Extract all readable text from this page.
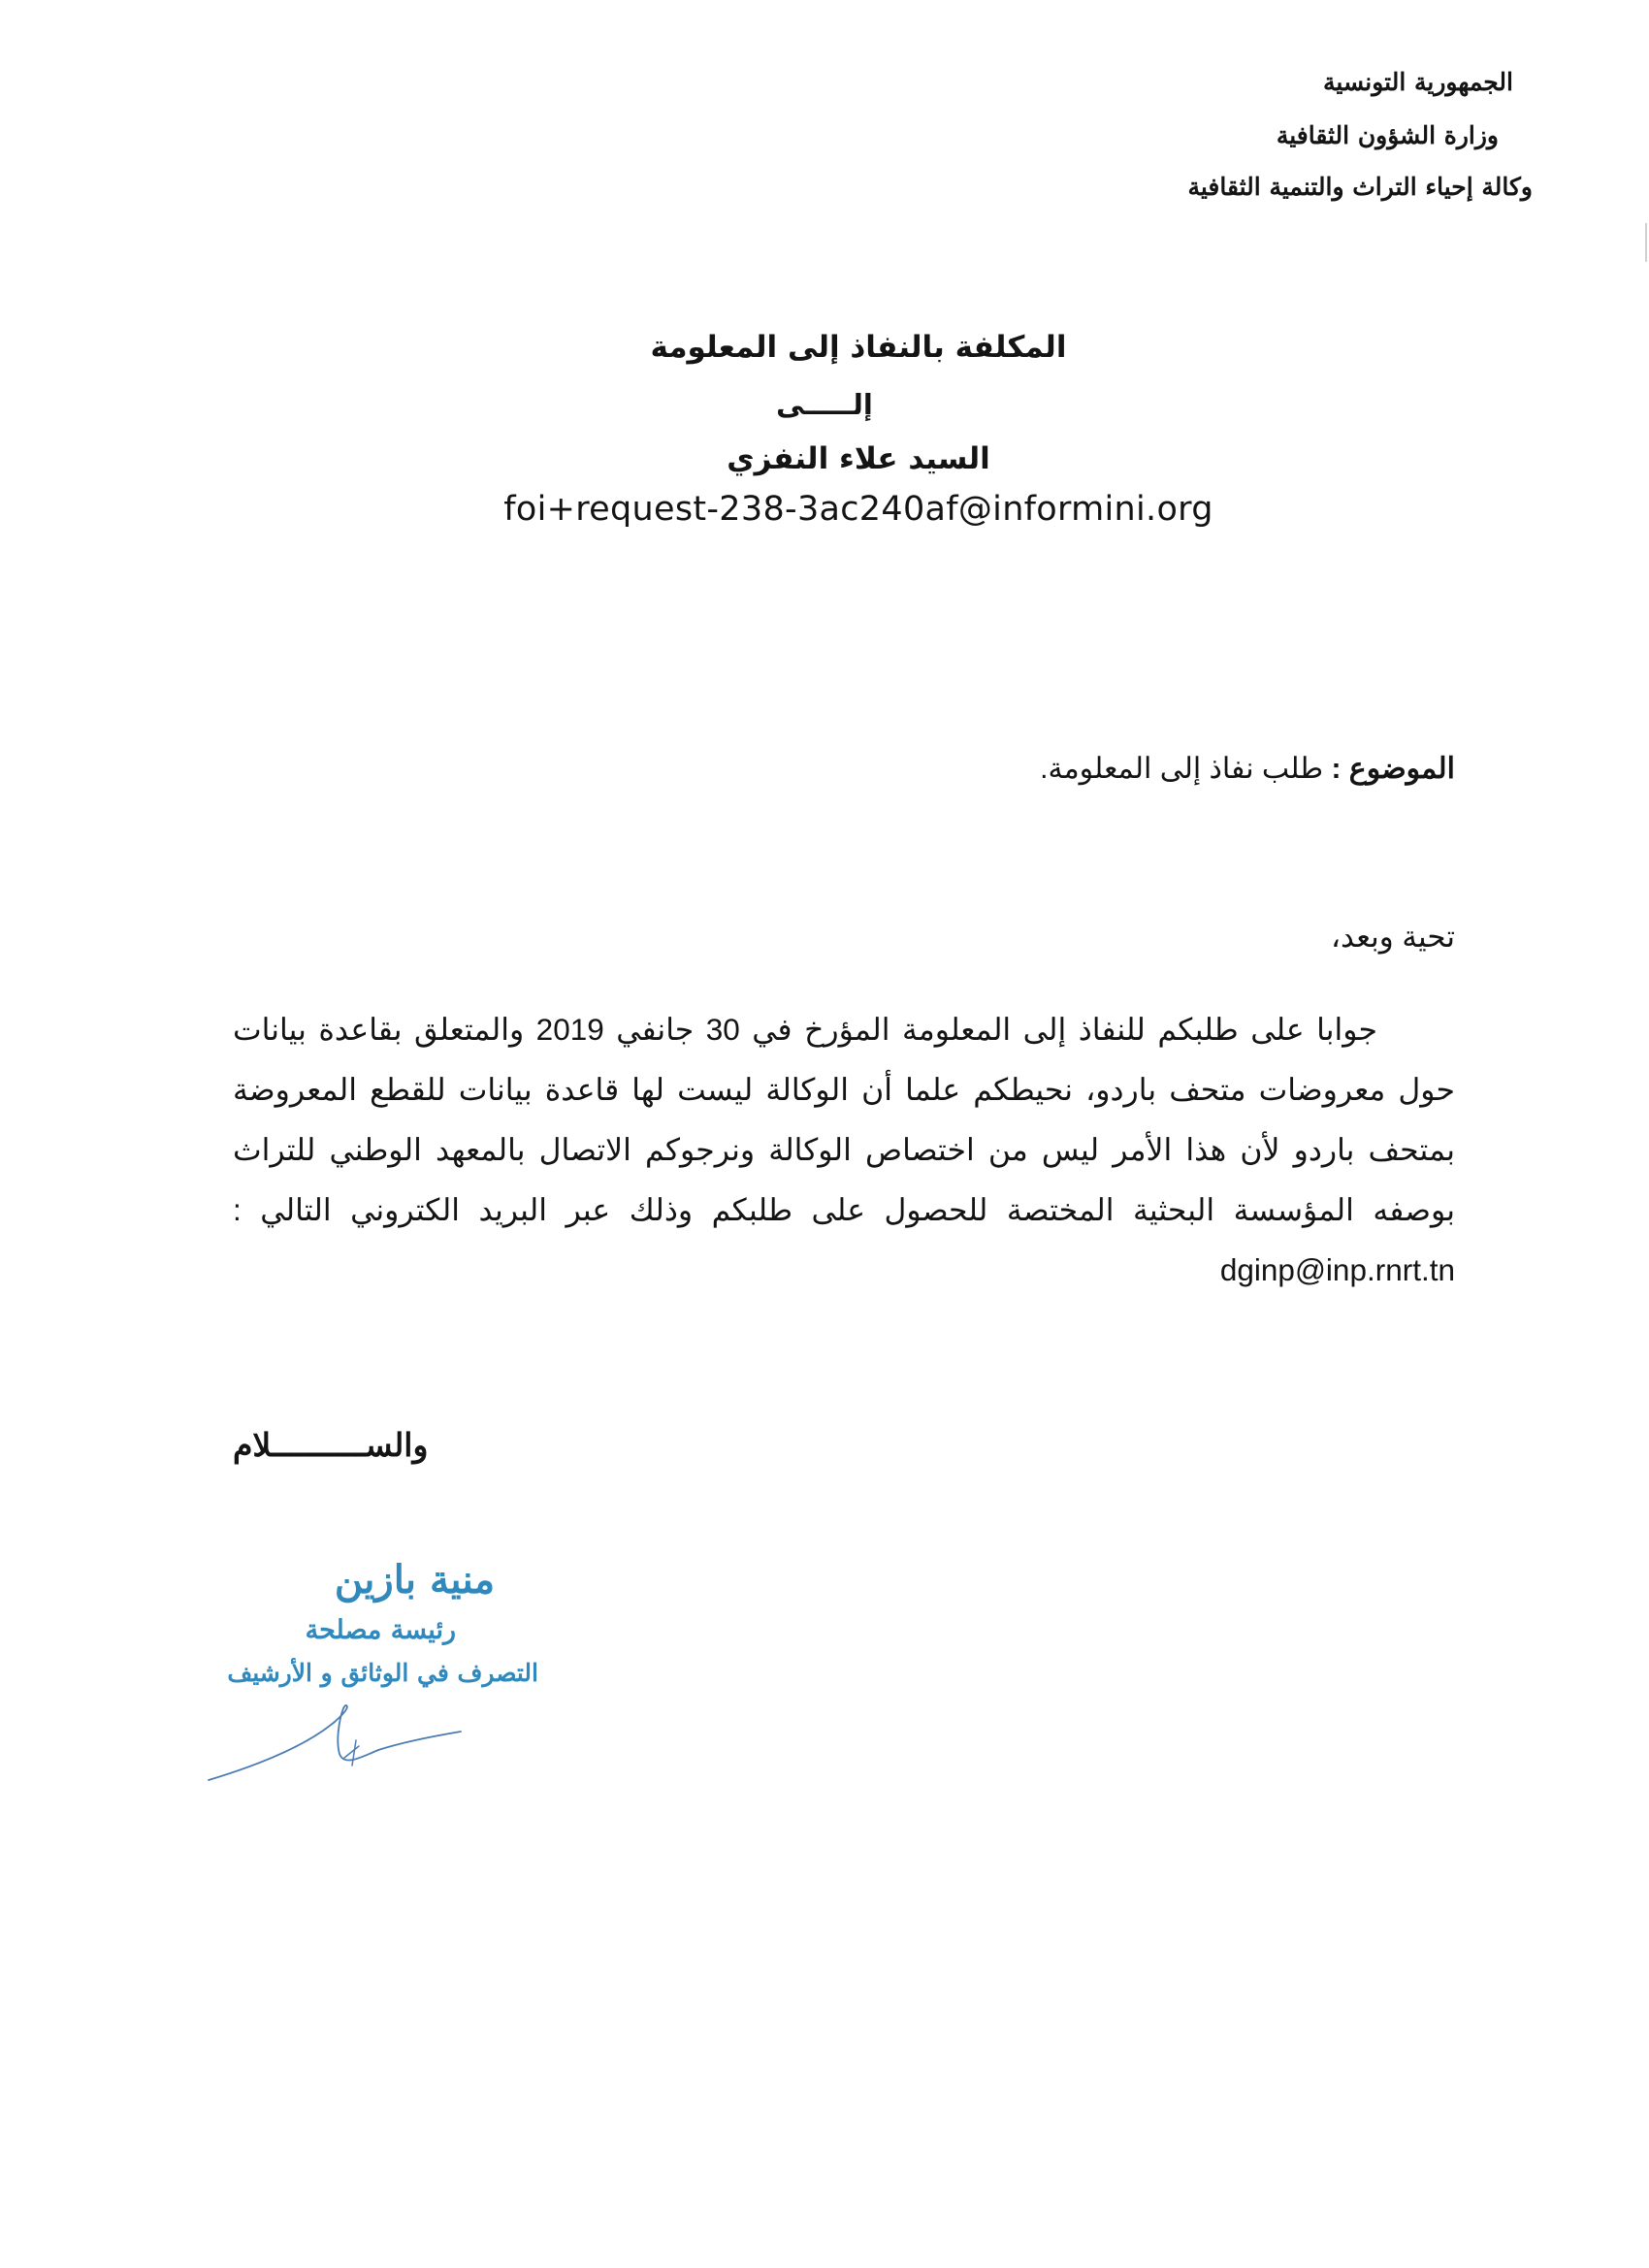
الجمهورية التونسية
وزارة الشؤون الثقافية
وكالة إحياء التراث والتنمية الثقافية
المكلفة بالنفاذ إلى المعلومة
إلـــــى
السيد علاء النفزي
foi+request-238-3ac240af@informini.org
الموضوع : طلب نفاذ إلى المعلومة.
تحية وبعد،

جوابا على طلبكم للنفاذ إلى المعلومة المؤرخ في 30 جانفي 2019 والمتعلق بقاعدة بيانات حول معروضات متحف باردو، نحيطكم علما أن الوكالة ليست لها قاعدة بيانات للقطع المعروضة بمتحف باردو لأن هذا الأمر ليس من اختصاص الوكالة ونرجوكم الاتصال بالمعهد الوطني للتراث بوصفه المؤسسة البحثية المختصة للحصول على طلبكم وذلك عبر البريد الكتروني التالي : dginp@inp.rnrt.tn

والســــــــــلام
منية بازين
رئيسة مصلحة
التصرف في الوثائق و الأرشيف
